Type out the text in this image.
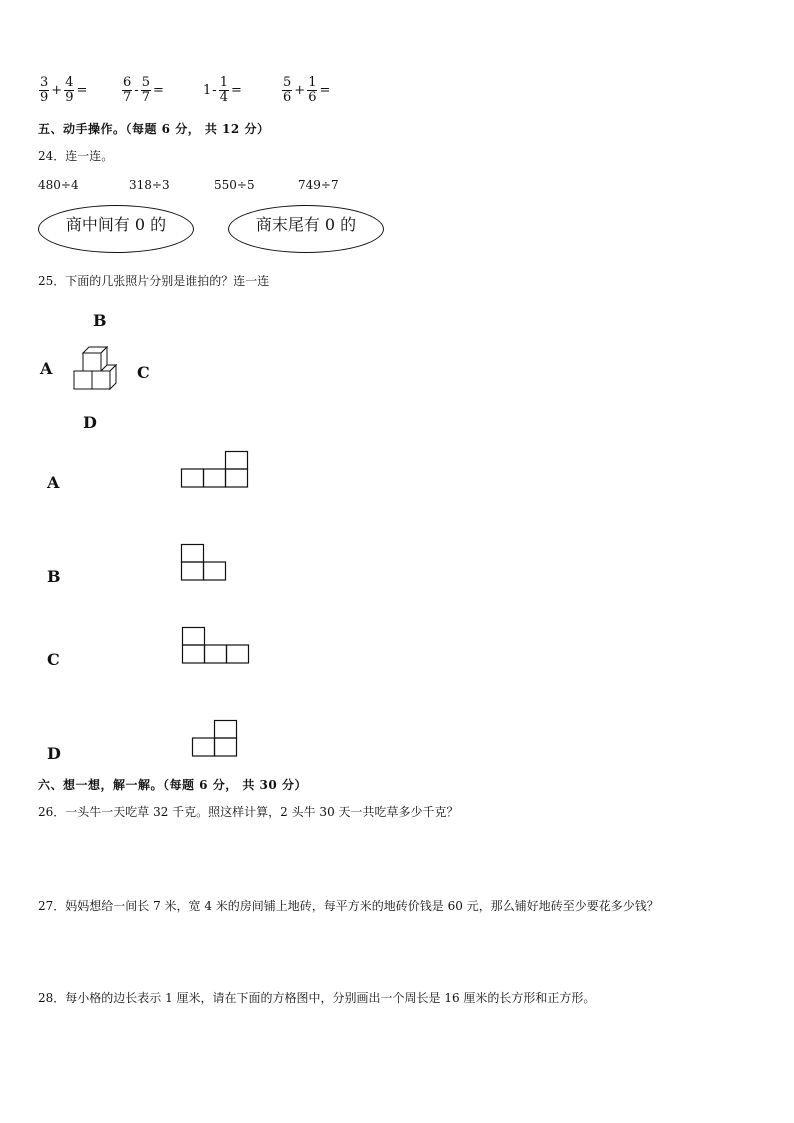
$\frac{3}{9} + \frac{4}{9}$ =	$\frac{6}{7} - \frac{5}{7}$ =	$1 - \frac{1}{4}$ =	$\frac{5}{6} + \frac{1}{6}$ =
五、动手操作。（每题 6 分， 共 12 分）
24．连一连。
480÷4	318÷3	550÷5	749÷7
商中间有 0 的	商末尾有 0 的
25．下面的几张照片分别是谁拍的？连一连
B
A	C
D
A
B
C
D
六、想一想，解一解。（每题 6 分， 共 30 分）
26．一头牛一天吃草 32 千克。照这样计算，2 头牛 30 天一共吃草多少千克？
27．妈妈想给一间长 7 米，宽 4 米的房间铺上地砖，每平方米的地砖价钱是 60 元，那么铺好地砖至少要花多少钱？
28．每小格的边长表示 1 厘米，请在下面的方格图中，分别画出一个周长是 16 厘米的长方形和正方形。
